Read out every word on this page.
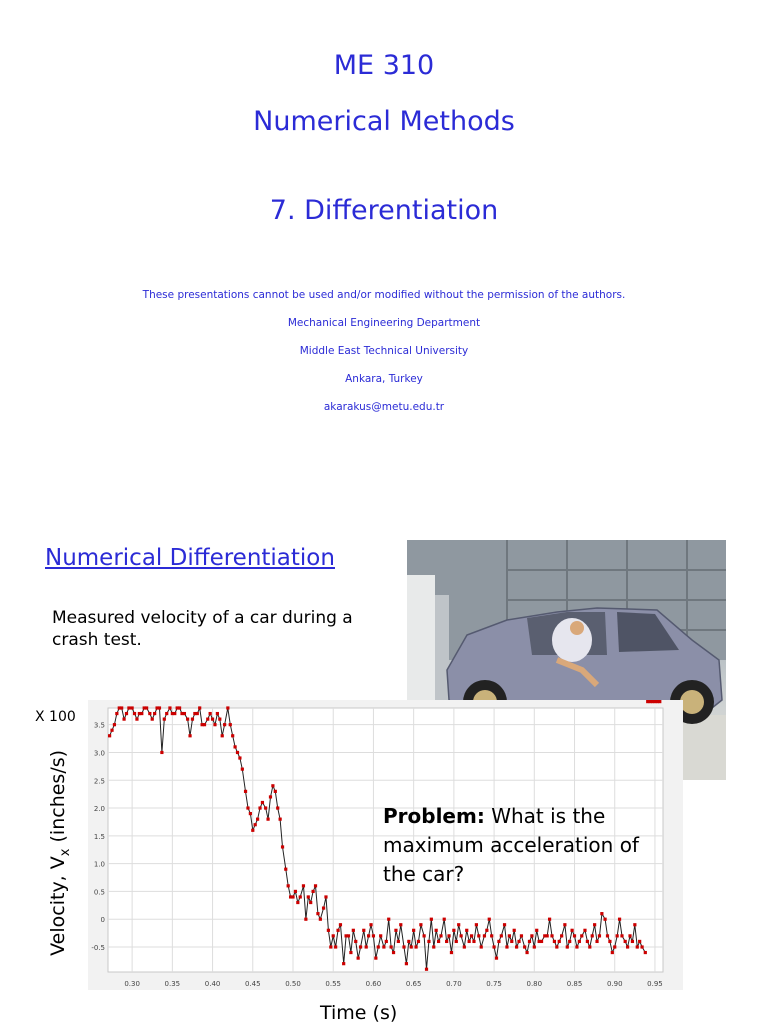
ME 310
Numerical Methods
7. Differentiation
These presentations cannot be used and/or modified without the permission of the authors.
Mechanical Engineering Department
Middle East Technical University
Ankara, Turkey
akarakus@metu.edu.tr
Numerical Differentiation
Measured velocity of a car during a crash test.
X 100
Velocity, $V_x$ (inches/s)
Time (s)
0.30	0.35	0.40	0.45	0.50	0.55	0.60	0.65	0.70	0.75	0.80	0.85	0.90	0.95
3.5
3.0
2.5
2.0
1.5
1.0
0.5
0
-0.5
Problem: What is the maximum acceleration of the car?
